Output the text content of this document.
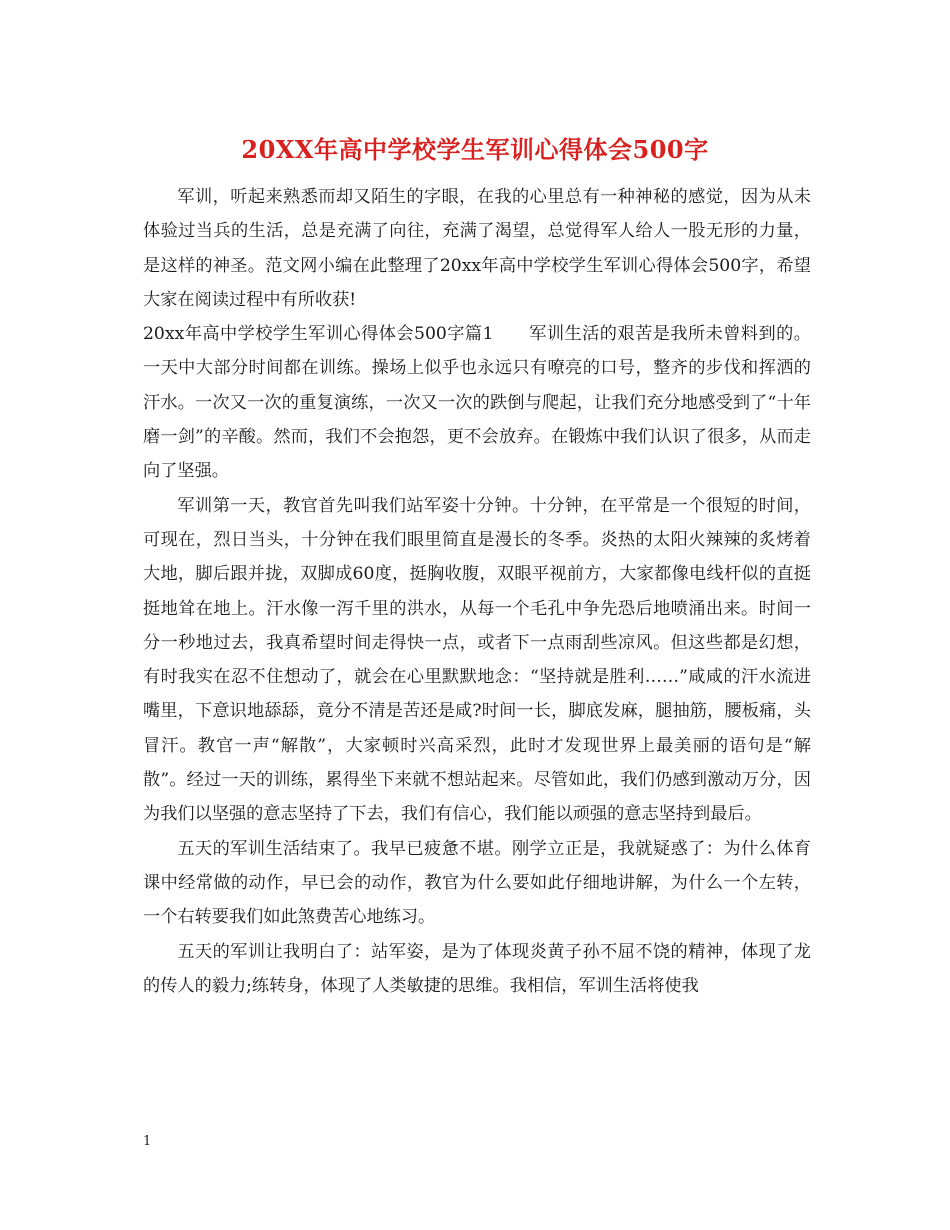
20XX年高中学校学生军训心得体会500字

军训，听起来熟悉而却又陌生的字眼，在我的心里总有一种神秘的感觉，因为从未体验过当兵的生活，总是充满了向往，充满了渴望，总觉得军人给人一股无形的力量，是这样的神圣。范文网小编在此整理了20xx年高中学校学生军训心得体会500字，希望大家在阅读过程中有所收获!

20xx年高中学校学生军训心得体会500字篇1　　军训生活的艰苦是我所未曾料到的。一天中大部分时间都在训练。操场上似乎也永远只有嘹亮的口号，整齐的步伐和挥洒的汗水。一次又一次的重复演练，一次又一次的跌倒与爬起，让我们充分地感受到了“十年磨一剑”的辛酸。然而，我们不会抱怨，更不会放弃。在锻炼中我们认识了很多，从而走向了坚强。

军训第一天，教官首先叫我们站军姿十分钟。十分钟，在平常是一个很短的时间，可现在，烈日当头，十分钟在我们眼里简直是漫长的冬季。炎热的太阳火辣辣的炙烤着大地，脚后跟并拢，双脚成60度，挺胸收腹，双眼平视前方，大家都像电线杆似的直挺挺地耸在地上。汗水像一泻千里的洪水，从每一个毛孔中争先恐后地喷涌出来。时间一分一秒地过去，我真希望时间走得快一点，或者下一点雨刮些凉风。但这些都是幻想，有时我实在忍不住想动了，就会在心里默默地念：“坚持就是胜利……”咸咸的汗水流进嘴里，下意识地舔舔，竟分不清是苦还是咸?时间一长，脚底发麻，腿抽筋，腰板痛，头冒汗。教官一声“解散”，大家顿时兴高采烈，此时才发现世界上最美丽的语句是“解散”。经过一天的训练，累得坐下来就不想站起来。尽管如此，我们仍感到激动万分，因为我们以坚强的意志坚持了下去，我们有信心，我们能以顽强的意志坚持到最后。

五天的军训生活结束了。我早已疲惫不堪。刚学立正是，我就疑惑了：为什么体育课中经常做的动作，早已会的动作，教官为什么要如此仔细地讲解，为什么一个左转，一个右转要我们如此煞费苦心地练习。

五天的军训让我明白了：站军姿，是为了体现炎黄子孙不屈不饶的精神，体现了龙的传人的毅力;练转身，体现了人类敏捷的思维。我相信，军训生活将使我

1
